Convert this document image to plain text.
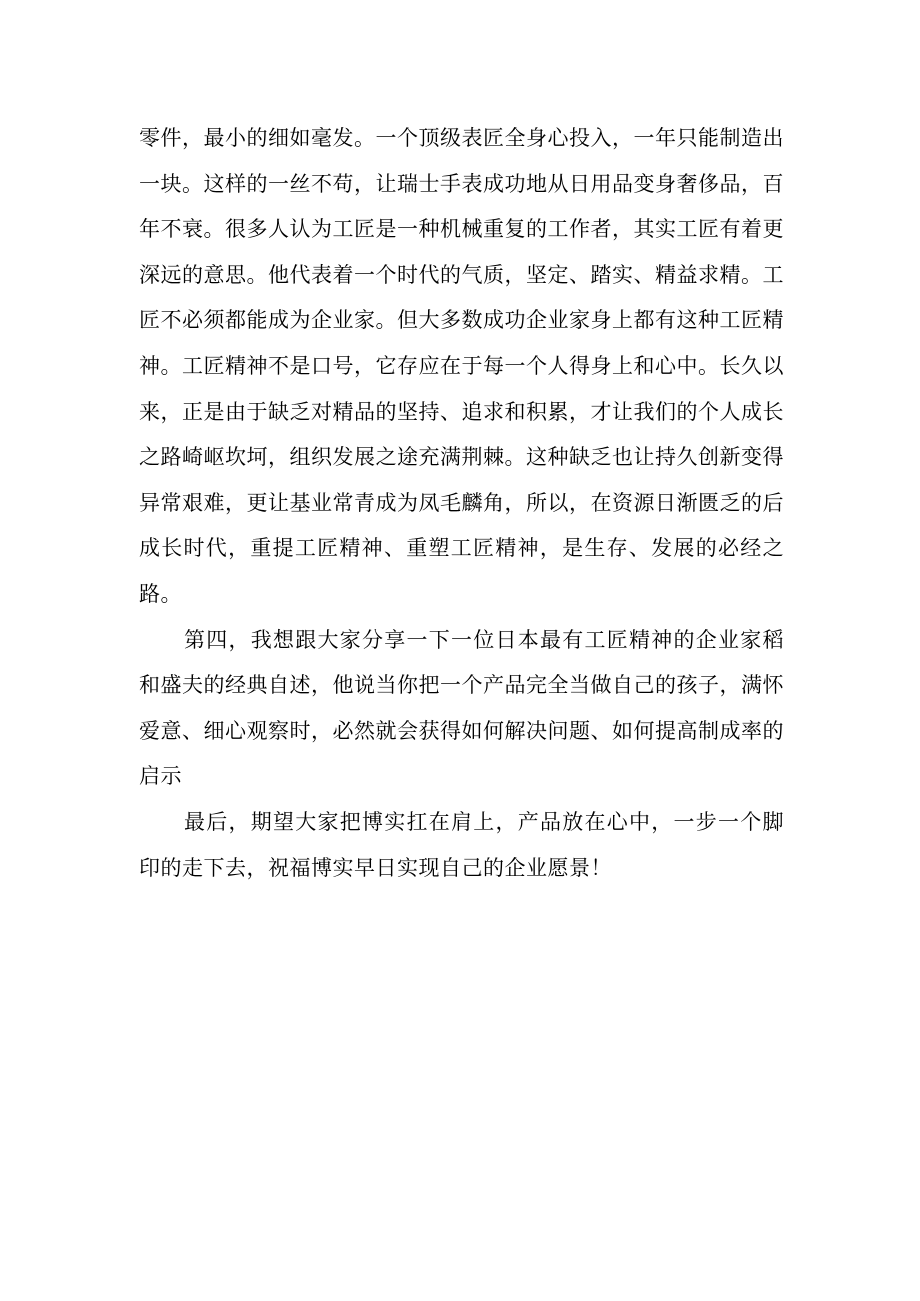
零件，最小的细如毫发。一个顶级表匠全身心投入，一年只能制造出一块。这样的一丝不苟，让瑞士手表成功地从日用品变身奢侈品，百年不衰。很多人认为工匠是一种机械重复的工作者，其实工匠有着更深远的意思。他代表着一个时代的气质，坚定、踏实、精益求精。工匠不必须都能成为企业家。但大多数成功企业家身上都有这种工匠精神。工匠精神不是口号，它存应在于每一个人得身上和心中。长久以来，正是由于缺乏对精品的坚持、追求和积累，才让我们的个人成长之路崎岖坎坷，组织发展之途充满荆棘。这种缺乏也让持久创新变得异常艰难，更让基业常青成为凤毛麟角，所以，在资源日渐匮乏的后成长时代，重提工匠精神、重塑工匠精神，是生存、发展的必经之路。

第四，我想跟大家分享一下一位日本最有工匠精神的企业家稻和盛夫的经典自述，他说当你把一个产品完全当做自己的孩子，满怀爱意、细心观察时，必然就会获得如何解决问题、如何提高制成率的启示

最后，期望大家把博实扛在肩上，产品放在心中，一步一个脚印的走下去，祝福博实早日实现自己的企业愿景！
